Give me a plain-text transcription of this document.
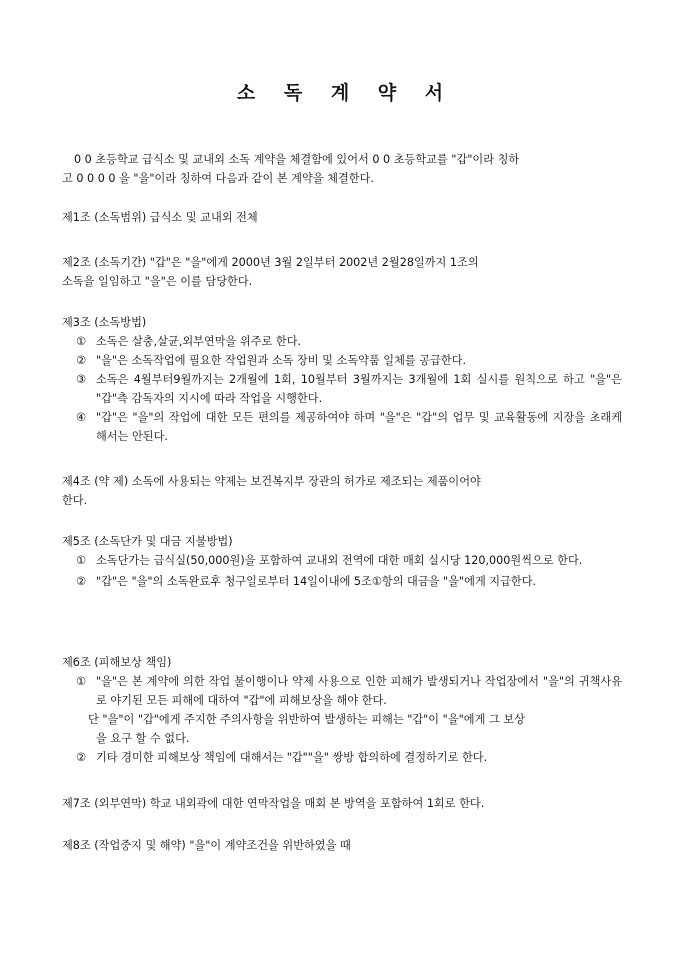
소 독 계 약 서
0 0 초등학교 급식소 및 교내외 소독 계약을 체결함에 있어서 0 0 초등학교를 "갑"이라 칭하
고 0 0 0 0 을 "을"이라 칭하여 다음과 같이 본 계약을 체결한다.
제1조 (소독범위) 급식소 및 교내외 전체
제2조 (소독기간) "갑"은 "을"에게 2000년 3월 2일부터 2002년 2월28일까지 1조의
소독을 일임하고 "을"은 이를 담당한다.
제3조 (소독방법)
① 소독은 살충,살균,외부연막을 위주로 한다.
② "을"은 소독작업에 필요한 작업원과 소독 장비 및 소독약품 일체를 공급한다.
③ 소독은 4월부터9월까지는 2개월에 1회, 10월부터 3월까지는 3개월에 1회 실시를 원칙으로 하고 "을"은 "갑"측 감독자의 지시에 따라 작업을 시행한다.
④ "갑"은 "을"의 작업에 대한 모든 편의를 제공하여야 하며 "을"은 "갑"의 업무 및 교육활동에 지장을 초래케 해서는 안된다.
제4조 (약 제) 소독에 사용되는 약제는 보건복지부 장관의 허가로 제조되는 제품이어야
한다.
제5조 (소독단가 및 대금 지불방법)
① 소독단가는 급식실(50,000원)을 포함하여 교내외 전역에 대한 매회 실시당 120,000원씩으로 한다.
② "갑"은 "을"의 소독완료후 청구일로부터 14일이내에 5조①항의 대금을 "을"에게 지급한다.
제6조 (피해보상 책임)
① "을"은 본 계약에 의한 작업 불이행이나 약제 사용으로 인한 피해가 발생되거나 작업장에서 "을"의 귀책사유로 야기된 모든 피해에 대하여 "갑"에 피해보상을 해야 한다.
단 "을"이 "갑"에게 주지한 주의사항을 위반하여 발생하는 피해는 "갑"이 "을"에게 그 보상
을 요구 할 수 없다.
② 기타 경미한 피해보상 책임에 대해서는 "갑""을" 쌍방 합의하에 결정하기로 한다.
제7조 (외부연막) 학교 내외곽에 대한 연막작업을 매회 본 방역을 포함하여 1회로 한다.
제8조 (작업중지 및 해약) "을"이 계약조건을 위반하였을 때
